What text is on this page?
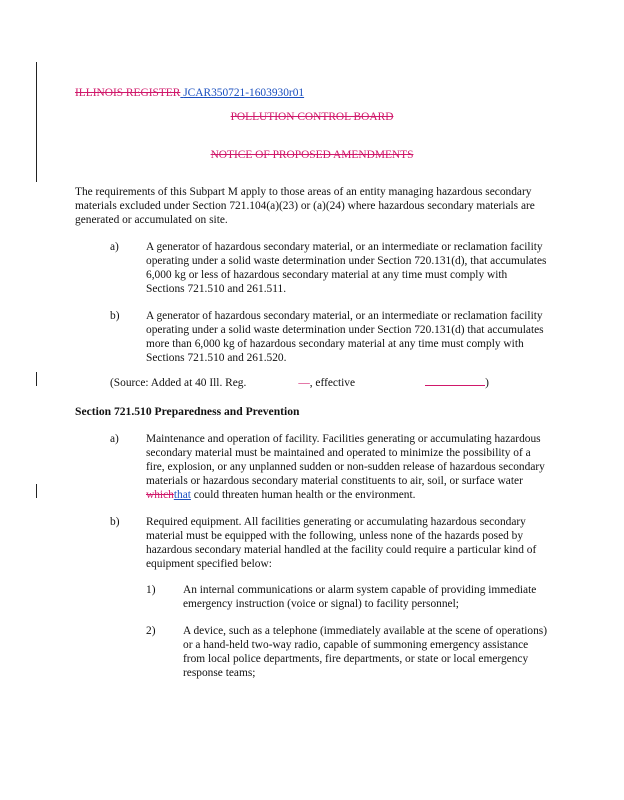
ILLINOIS REGISTER JCAR350721-1603930r01
POLLUTION CONTROL BOARD
NOTICE OF PROPOSED AMENDMENTS
The requirements of this Subpart M apply to those areas of an entity managing hazardous secondary materials excluded under Section 721.104(a)(23) or (a)(24) where hazardous secondary materials are generated or accumulated on site.
a) A generator of hazardous secondary material, or an intermediate or reclamation facility operating under a solid waste determination under Section 720.131(d), that accumulates 6,000 kg or less of hazardous secondary material at any time must comply with Sections 721.510 and 261.511.
b) A generator of hazardous secondary material, or an intermediate or reclamation facility operating under a solid waste determination under Section 720.131(d) that accumulates more than 6,000 kg of hazardous secondary material at any time must comply with Sections 721.510 and 261.520.
(Source: Added at 40 Ill. Reg.	—, effective	)
Section 721.510 Preparedness and Prevention
a) Maintenance and operation of facility. Facilities generating or accumulating hazardous secondary material must be maintained and operated to minimize the possibility of a fire, explosion, or any unplanned sudden or non-sudden release of hazardous secondary materials or hazardous secondary material constituents to air, soil, or surface water whichthat could threaten human health or the environment.
b) Required equipment. All facilities generating or accumulating hazardous secondary material must be equipped with the following, unless none of the hazards posed by hazardous secondary material handled at the facility could require a particular kind of equipment specified below:
1) An internal communications or alarm system capable of providing immediate emergency instruction (voice or signal) to facility personnel;
2) A device, such as a telephone (immediately available at the scene of operations) or a hand-held two-way radio, capable of summoning emergency assistance from local police departments, fire departments, or state or local emergency response teams;
